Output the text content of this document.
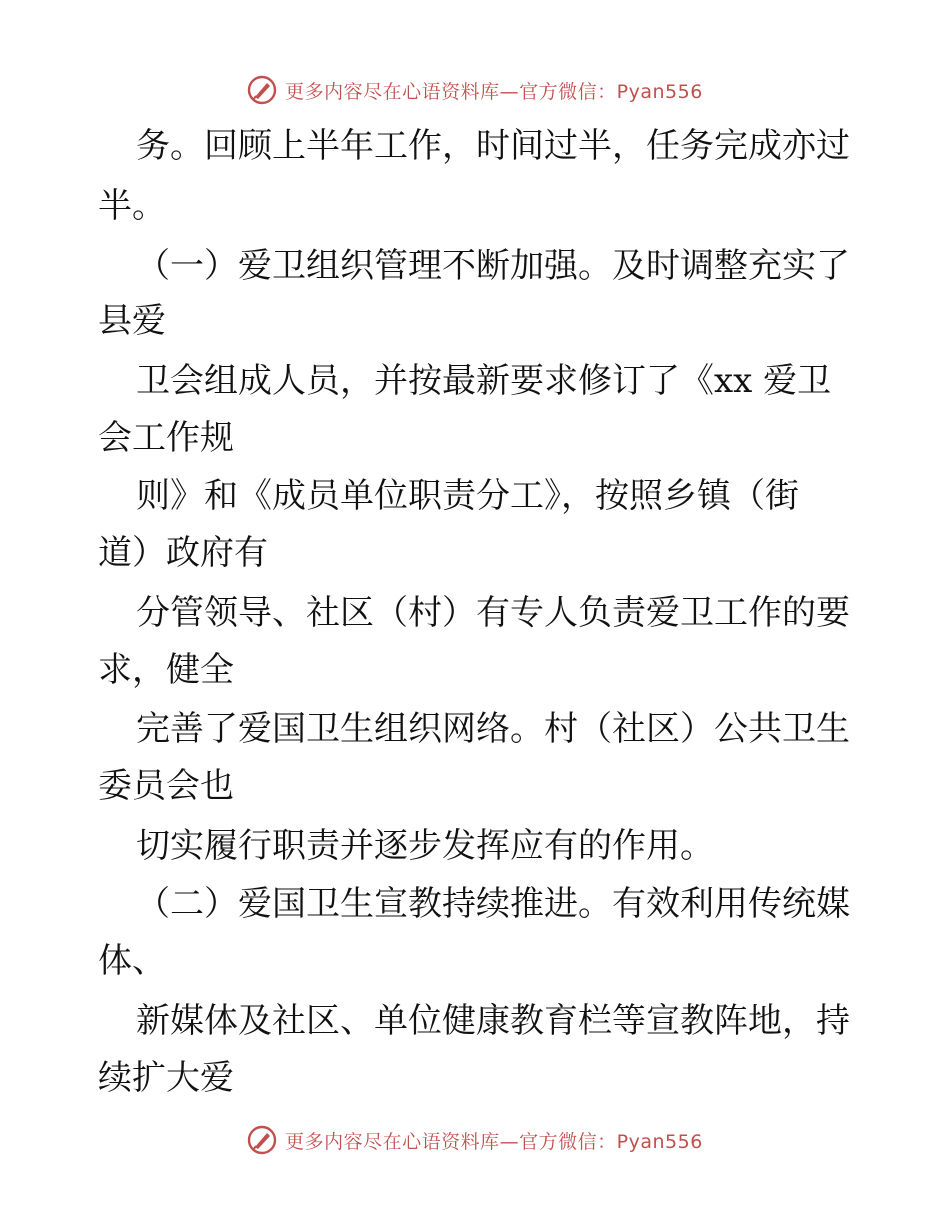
更多内容尽在心语资料库—官方微信：Pyan556
务。回顾上半年工作，时间过半，任务完成亦过
半。
（一）爱卫组织管理不断加强。及时调整充实了
县爱
卫会组成人员，并按最新要求修订了《xx 爱卫
会工作规
则》和《成员单位职责分工》，按照乡镇（街
道）政府有
分管领导、社区（村）有专人负责爱卫工作的要
求，健全
完善了爱国卫生组织网络。村（社区）公共卫生
委员会也
切实履行职责并逐步发挥应有的作用。
（二）爱国卫生宣教持续推进。有效利用传统媒
体、
新媒体及社区、单位健康教育栏等宣教阵地，持
续扩大爱
更多内容尽在心语资料库—官方微信：Pyan556
